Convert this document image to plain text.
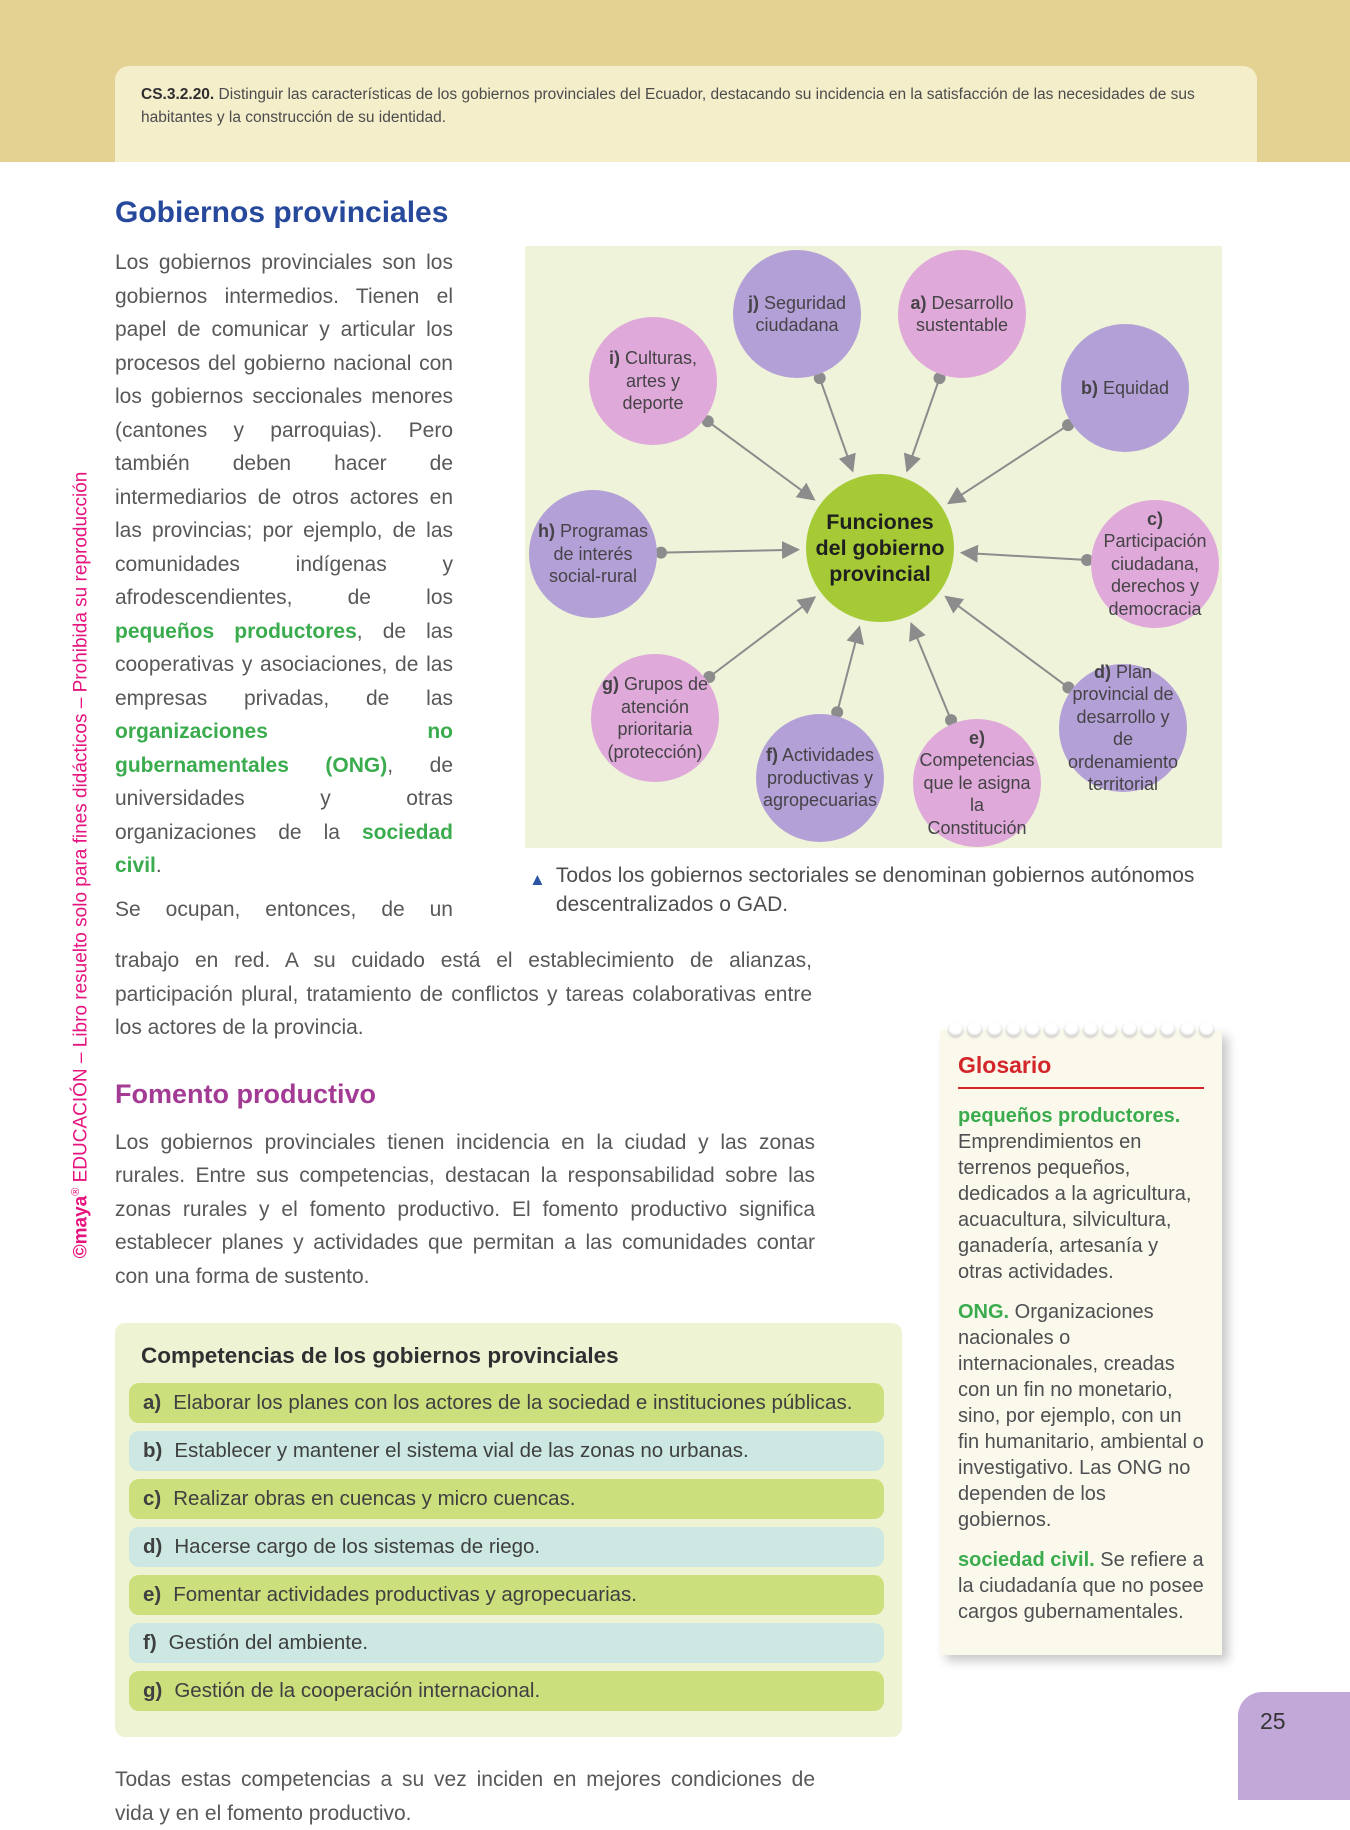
CS.3.2.20. Distinguir las características de los gobiernos provinciales del Ecuador, destacando su incidencia en la satisfacción de las necesidades de sus habitantes y la construcción de su identidad.
©maya® EDUCACIÓN – Libro resuelto solo para fines didácticos – Prohibida su reproducción
Gobiernos provinciales

Los gobiernos provinciales son los gobiernos intermedios. Tienen el papel de comunicar y articular los procesos del gobierno nacional con los gobiernos seccionales menores (cantones y parroquias). Pero también deben hacer de intermediarios de otros actores en las provincias; por ejemplo, de las comunidades indígenas y afrodescendientes, de los pequeños productores, de las cooperativas y asociaciones, de las empresas privadas, de las organizaciones no gubernamentales (ONG), de universidades y otras organizaciones de la sociedad civil.

Se ocupan, entonces, de un

j) Seguridad ciudadana
a) Desarrollo sustentable
i) Culturas, artes y deporte
b) Equidad
h) Programas de interés social-rural
c) Participación ciudadana, derechos y democracia
g) Grupos de atención prioritaria (protección)
d) Plan provincial de desarrollo y de ordenamiento territorial
f) Actividades productivas y agropecuarias
e) Competencias que le asigna la Constitución
Funciones del gobierno provincial
▲ Todos los gobiernos sectoriales se denominan gobiernos autónomos descentralizados o GAD.

trabajo en red. A su cuidado está el establecimiento de alianzas, participación plural, tratamiento de conflictos y tareas colaborativas entre los actores de la provincia.

Fomento productivo

Los gobiernos provinciales tienen incidencia en la ciudad y las zonas rurales. Entre sus competencias, destacan la responsabilidad sobre las zonas rurales y el fomento productivo. El fomento productivo significa establecer planes y actividades que permitan a las comunidades contar con una forma de sustento.

Competencias de los gobiernos provinciales
a) Elaborar los planes con los actores de la sociedad e instituciones públicas.
b) Establecer y mantener el sistema vial de las zonas no urbanas.
c) Realizar obras en cuencas y micro cuencas.
d) Hacerse cargo de los sistemas de riego.
e) Fomentar actividades productivas y agropecuarias.
f) Gestión del ambiente.
g) Gestión de la cooperación internacional.

Todas estas competencias a su vez inciden en mejores condiciones de vida y en el fomento productivo.

Glosario

pequeños productores. Emprendimientos en terrenos pequeños, dedicados a la agricultura, acuacultura, silvicultura, ganadería, artesanía y otras actividades.

ONG. Organizaciones nacionales o internacionales, creadas con un fin no monetario, sino, por ejemplo, con un fin humanitario, ambiental o investigativo. Las ONG no dependen de los gobiernos.

sociedad civil. Se refiere a la ciudadanía que no posee cargos gubernamentales.

25
